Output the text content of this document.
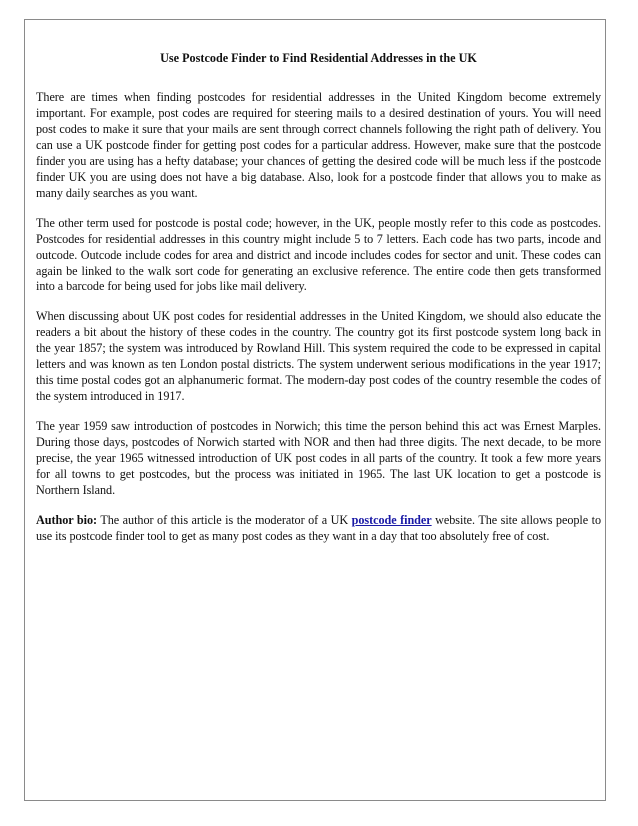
Use Postcode Finder to Find Residential Addresses in the UK

There are times when finding postcodes for residential addresses in the United Kingdom become extremely important. For example, post codes are required for steering mails to a desired destination of yours. You will need post codes to make it sure that your mails are sent through correct channels following the right path of delivery. You can use a UK postcode finder for getting post codes for a particular address. However, make sure that the postcode finder you are using has a hefty database; your chances of getting the desired code will be much less if the postcode finder UK you are using does not have a big database. Also, look for a postcode finder that allows you to make as many daily searches as you want.

The other term used for postcode is postal code; however, in the UK, people mostly refer to this code as postcodes. Postcodes for residential addresses in this country might include 5 to 7 letters. Each code has two parts, incode and outcode. Outcode include codes for area and district and incode includes codes for sector and unit. These codes can again be linked to the walk sort code for generating an exclusive reference. The entire code then gets transformed into a barcode for being used for jobs like mail delivery.

When discussing about UK post codes for residential addresses in the United Kingdom, we should also educate the readers a bit about the history of these codes in the country. The country got its first postcode system long back in the year 1857; the system was introduced by Rowland Hill. This system required the code to be expressed in capital letters and was known as ten London postal districts. The system underwent serious modifications in the year 1917; this time postal codes got an alphanumeric format. The modern-day post codes of the country resemble the codes of the system introduced in 1917.

The year 1959 saw introduction of postcodes in Norwich; this time the person behind this act was Ernest Marples. During those days, postcodes of Norwich started with NOR and then had three digits. The next decade, to be more precise, the year 1965 witnessed introduction of UK post codes in all parts of the country. It took a few more years for all towns to get postcodes, but the process was initiated in 1965. The last UK location to get a postcode is Northern Island.

Author bio: The author of this article is the moderator of a UK postcode finder website. The site allows people to use its postcode finder tool to get as many post codes as they want in a day that too absolutely free of cost.
